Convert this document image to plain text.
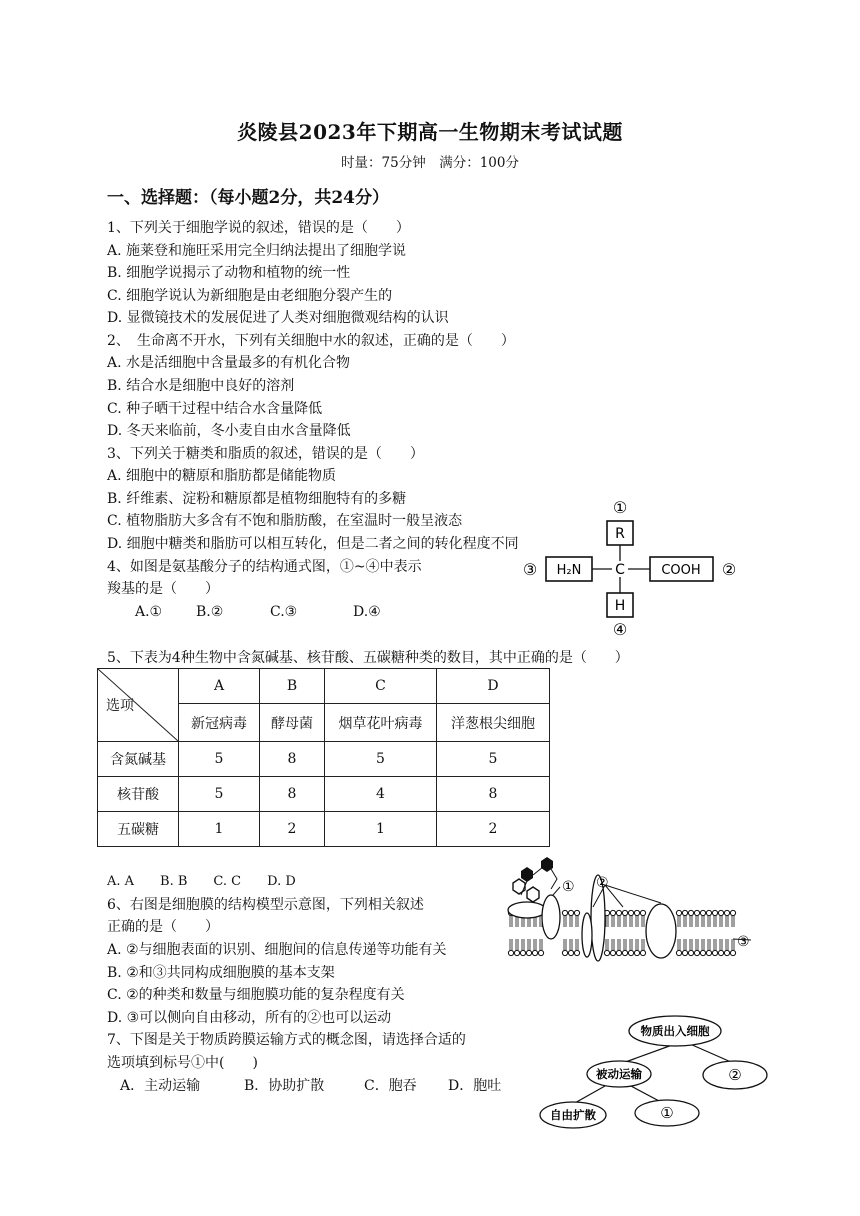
炎陵县2023年下期高一生物期末考试试题
时量：75分钟　满分：100分
一、选择题：（每小题2分，共24分）
1、下列关于细胞学说的叙述，错误的是（　　）
A. 施莱登和施旺采用完全归纳法提出了细胞学说
B. 细胞学说揭示了动物和植物的统一性
C. 细胞学说认为新细胞是由老细胞分裂产生的
D. 显微镜技术的发展促进了人类对细胞微观结构的认识
2、　生命离不开水，下列有关细胞中水的叙述，正确的是（　　）
A. 水是活细胞中含量最多的有机化合物
B. 结合水是细胞中良好的溶剂
C. 种子晒干过程中结合水含量降低
D. 冬天来临前，冬小麦自由水含量降低
3、下列关于糖类和脂质的叙述，错误的是（　　）
A. 细胞中的糖原和脂肪都是储能物质
B. 纤维素、淀粉和糖原都是植物细胞特有的多糖
C. 植物脂肪大多含有不饱和脂肪酸，在室温时一般呈液态
D. 细胞中糖类和脂肪可以相互转化，但是二者之间的转化程度不同
4、如图是氨基酸分子的结构通式图，①~④中表示
羧基的是（　　）
A.① B.②	C.③	D.④
R
C
H
H₂N	COOH
①
②
③
④
5、下表为4种生物中含氮碱基、核苷酸、五碳糖种类的数目，其中正确的是（　　）
选项	A	B	C	D
	新冠病毒	酵母菌	烟草花叶病毒	洋葱根尖细胞
含氮碱基	5	8	5	5
核苷酸	5	8	4	8
五碳糖	1	2	1	2
A. A　　B. B　　C. C　　D. D
6、右图是细胞膜的结构模型示意图，下列相关叙述
正确的是（　　）
A. ②与细胞表面的识别、细胞间的信息传递等功能有关
B. ②和③共同构成细胞膜的基本支架
C. ②的种类和数量与细胞膜功能的复杂程度有关
D. ③可以侧向自由移动，所有的②也可以运动
① ②
③
7、下图是关于物质跨膜运输方式的概念图，请选择合适的
选项填到标号①中(　　)
A．主动运输	B．协助扩散	C．胞吞 D．胞吐
物质出入细胞
被动运输	②
自由扩散	①
